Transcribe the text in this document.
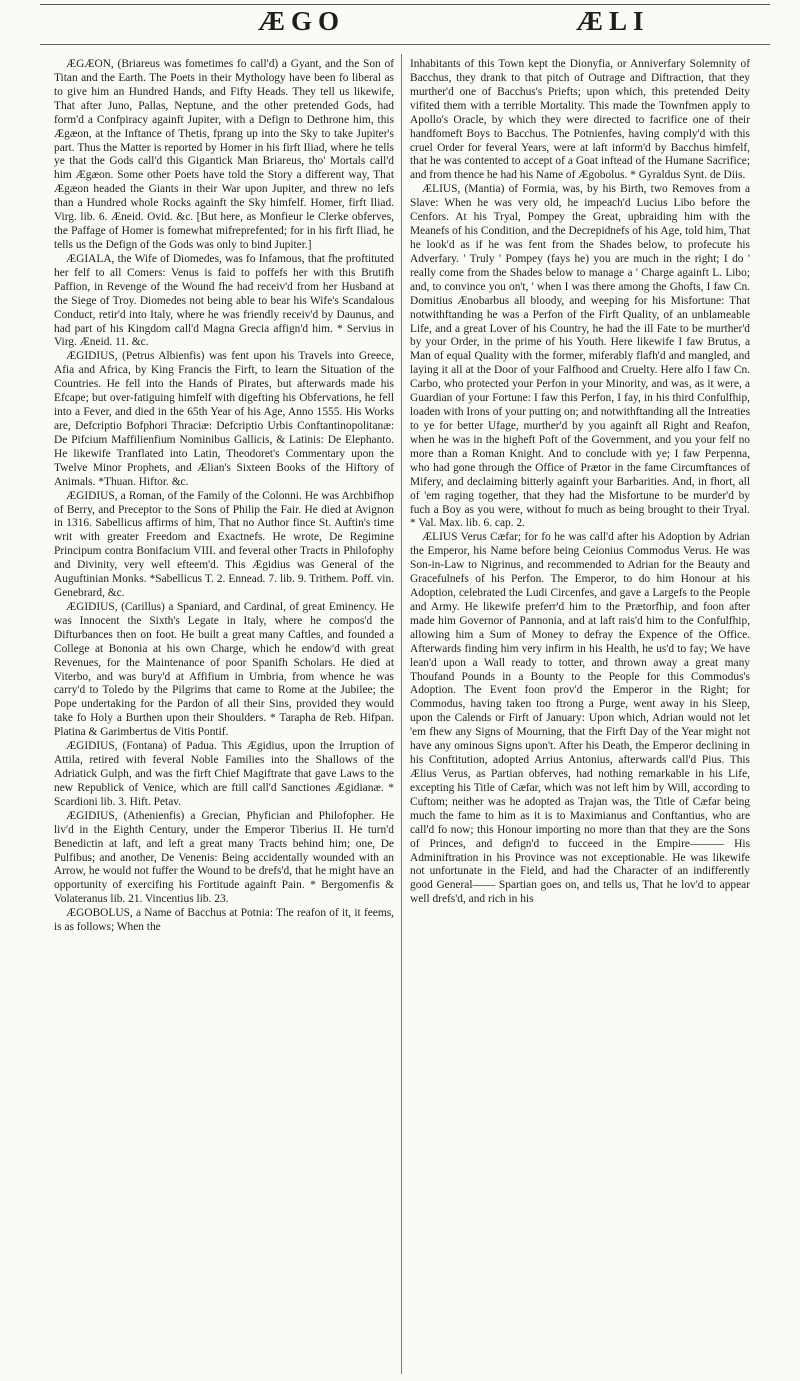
ÆGO	ÆLI

ÆGÆON, (Briareus was fometimes fo call'd) a Gyant, and the Son of Titan and the Earth. The Poets in their Mythology have been fo liberal as to give him an Hundred Hands, and Fifty Heads. They tell us likewife, That after Juno, Pallas, Neptune, and the other pretended Gods, had form'd a Confpiracy againft Jupiter, with a Defign to Dethrone him, this Ægæon, at the Inftance of Thetis, fprang up into the Sky to take Jupiter's part. Thus the Matter is reported by Homer in his firft Iliad, where he tells ye that the Gods call'd this Gigantick Man Briareus, tho' Mortals call'd him Ægæon. Some other Poets have told the Story a different way, That Ægæon headed the Giants in their War upon Jupiter, and threw no lefs than a Hundred whole Rocks againft the Sky himfelf. Homer, firft Iliad. Virg. lib. 6. Æneid. Ovid. &c. [But here, as Monfieur le Clerke obferves, the Paffage of Homer is fomewhat mifreprefented; for in his firft Iliad, he tells us the Defign of the Gods was only to bind Jupiter.]

ÆGIALA, the Wife of Diomedes, was fo Infamous, that fhe proftituted her felf to all Comers: Venus is faid to poffefs her with this Brutifh Paffion, in Revenge of the Wound fhe had receiv'd from her Husband at the Siege of Troy. Diomedes not being able to bear his Wife's Scandalous Conduct, retir'd into Italy, where he was friendly receiv'd by Daunus, and had part of his Kingdom call'd Magna Grecia affign'd him. * Servius in Virg. Æneid. 11. &c.

ÆGIDIUS, (Petrus Albienfis) was fent upon his Travels into Greece, Afia and Africa, by King Francis the Firft, to learn the Situation of the Countries. He fell into the Hands of Pirates, but afterwards made his Efcape; but over-fatiguing himfelf with digefting his Obfervations, he fell into a Fever, and died in the 65th Year of his Age, Anno 1555. His Works are, Defcriptio Bofphori Thraciæ: Defcriptio Urbis Conftantinopolitanæ: De Pifcium Maffilienfium Nominibus Gallicis, & Latinis: De Elephanto. He likewife Tranflated into Latin, Theodoret's Commentary upon the Twelve Minor Prophets, and Ælian's Sixteen Books of the Hiftory of Animals. *Thuan. Hiftor. &c.

ÆGIDIUS, a Roman, of the Family of the Colonni. He was Archbifhop of Berry, and Preceptor to the Sons of Philip the Fair. He died at Avignon in 1316. Sabellicus affirms of him, That no Author fince St. Auftin's time writ with greater Freedom and Exactnefs. He wrote, De Regimine Principum contra Bonifacium VIII. and feveral other Tracts in Philofophy and Divinity, very well efteem'd. This Ægidius was General of the Auguftinian Monks. *Sabellicus T. 2. Ennead. 7. lib. 9. Trithem. Poff. vin. Genebrard, &c.

ÆGIDIUS, (Carillus) a Spaniard, and Cardinal, of great Eminency. He was Innocent the Sixth's Legate in Italy, where he compos'd the Difturbances then on foot. He built a great many Caftles, and founded a College at Bononia at his own Charge, which he endow'd with great Revenues, for the Maintenance of poor Spanifh Scholars. He died at Viterbo, and was bury'd at Affifium in Umbria, from whence he was carry'd to Toledo by the Pilgrims that came to Rome at the Jubilee; the Pope undertaking for the Pardon of all their Sins, provided they would take fo Holy a Burthen upon their Shoulders. * Tarapha de Reb. Hifpan. Platina & Garimbertus de Vitis Pontif.

ÆGIDIUS, (Fontana) of Padua. This Ægidius, upon the Irruption of Attila, retired with feveral Noble Families into the Shallows of the Adriatick Gulph, and was the firft Chief Magiftrate that gave Laws to the new Republick of Venice, which are ftill call'd Sanctiones Ægidianæ. * Scardioni lib. 3. Hift. Petav.

ÆGIDIUS, (Athenienfis) a Grecian, Phyfician and Philofopher. He liv'd in the Eighth Century, under the Emperor Tiberius II. He turn'd Benedictin at laft, and left a great many Tracts behind him; one, De Pulfibus; and another, De Venenis: Being accidentally wounded with an Arrow, he would not fuffer the Wound to be drefs'd, that he might have an opportunity of exercifing his Fortitude againft Pain. * Bergomenfis & Volateranus lib. 21. Vincentius lib. 23.

ÆGOBOLUS, a Name of Bacchus at Potnia: The reafon of it, it feems, is as follows; When the

Inhabitants of this Town kept the Dionyfia, or Anniverfary Solemnity of Bacchus, they drank to that pitch of Outrage and Diftraction, that they murther'd one of Bacchus's Priefts; upon which, this pretended Deity vifited them with a terrible Mortality. This made the Townfmen apply to Apollo's Oracle, by which they were directed to facrifice one of their handfomeft Boys to Bacchus. The Potnienfes, having comply'd with this cruel Order for feveral Years, were at laft inform'd by Bacchus himfelf, that he was contented to accept of a Goat inftead of the Humane Sacrifice; and from thence he had his Name of Ægobolus. * Gyraldus Synt. de Diis.

ÆLIUS, (Mantia) of Formia, was, by his Birth, two Removes from a Slave: When he was very old, he impeach'd Lucius Libo before the Cenfors. At his Tryal, Pompey the Great, upbraiding him with the Meanefs of his Condition, and the Decrepidnefs of his Age, told him, That he look'd as if he was fent from the Shades below, to profecute his Adverfary. ' Truly ' Pompey (fays he) you are much in the right; I do ' really come from the Shades below to manage a ' Charge againft L. Libo; and, to convince you on't, ' when I was there among the Ghofts, I faw Cn. Domitius Ænobarbus all bloody, and weeping for his Misfortune: That notwithftanding he was a Perfon of the Firft Quality, of an unblameable Life, and a great Lover of his Country, he had the ill Fate to be murther'd by your Order, in the prime of his Youth. Here likewife I faw Brutus, a Man of equal Quality with the former, miferably flafh'd and mangled, and laying it all at the Door of your Falfhood and Cruelty. Here alfo I faw Cn. Carbo, who protected your Perfon in your Minority, and was, as it were, a Guardian of your Fortune: I faw this Perfon, I fay, in his third Confulfhip, loaden with Irons of your putting on; and notwithftanding all the Intreaties to ye for better Ufage, murther'd by you againft all Right and Reafon, when he was in the higheft Poft of the Government, and you your felf no more than a Roman Knight. And to conclude with ye; I faw Perpenna, who had gone through the Office of Prætor in the fame Circumftances of Mifery, and declaiming bitterly againft your Barbarities. And, in fhort, all of 'em raging together, that they had the Misfortune to be murder'd by fuch a Boy as you were, without fo much as being brought to their Tryal. * Val. Max. lib. 6. cap. 2.

ÆLIUS Verus Cæfar; for fo he was call'd after his Adoption by Adrian the Emperor, his Name before being Ceionius Commodus Verus. He was Son-in-Law to Nigrinus, and recommended to Adrian for the Beauty and Gracefulnefs of his Perfon. The Emperor, to do him Honour at his Adoption, celebrated the Ludi Circenfes, and gave a Largefs to the People and Army. He likewife preferr'd him to the Prætorfhip, and foon after made him Governor of Pannonia, and at laft rais'd him to the Confulfhip, allowing him a Sum of Money to defray the Expence of the Office. Afterwards finding him very infirm in his Health, he us'd to fay; We have lean'd upon a Wall ready to totter, and thrown away a great many Thoufand Pounds in a Bounty to the People for this Commodus's Adoption. The Event foon prov'd the Emperor in the Right; for Commodus, having taken too ftrong a Purge, went away in his Sleep, upon the Calends or Firft of January: Upon which, Adrian would not let 'em fhew any Signs of Mourning, that the Firft Day of the Year might not have any ominous Signs upon't. After his Death, the Emperor declining in his Conftitution, adopted Arrius Antonius, afterwards call'd Pius. This Ælius Verus, as Partian obferves, had nothing remarkable in his Life, excepting his Title of Cæfar, which was not left him by Will, according to Cuftom; neither was he adopted as Trajan was, the Title of Cæfar being much the fame to him as it is to Maximianus and Conftantius, who are call'd fo now; this Honour importing no more than that they are the Sons of Princes, and defign'd to fucceed in the Empire——— His Adminiftration in his Province was not exceptionable. He was likewife not unfortunate in the Field, and had the Character of an indifferently good General—— Spartian goes on, and tells us, That he lov'd to appear well drefs'd, and rich in his
